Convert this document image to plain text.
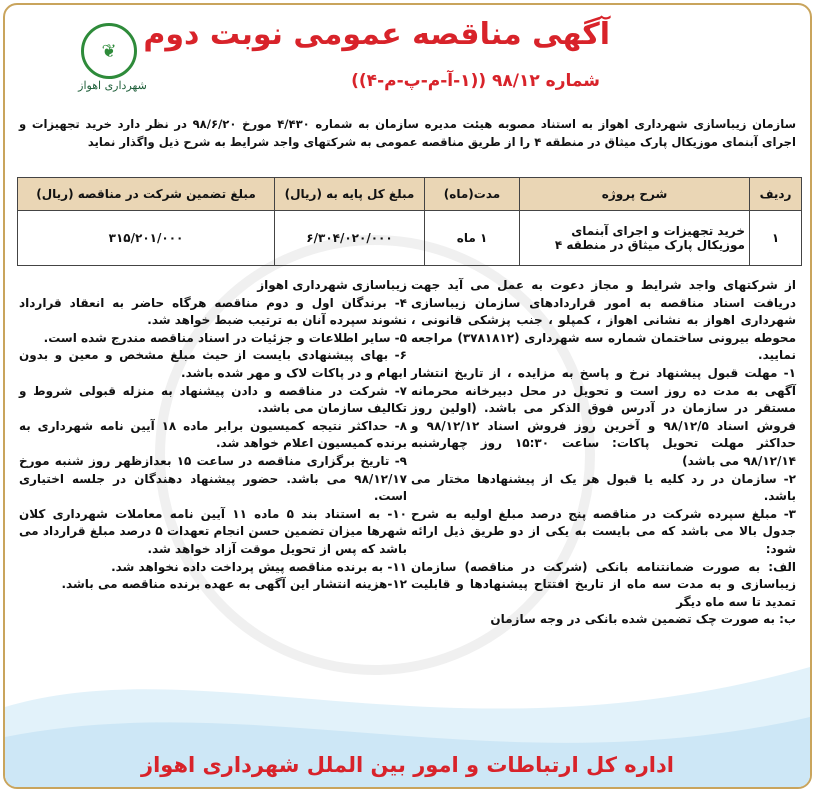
❦
شهرداری اهواز
آگهی مناقصه عمومی نوبت دوم
شماره ۹۸/۱۲ ((۱-آ-م-پ-م-۴))
سازمان زیباسازی شهرداری اهواز به استناد مصوبه هیئت مدیره سازمان به شماره ۴/۴۳۰ مورخ ۹۸/۶/۲۰ در نظر دارد خرید تجهیزات و اجرای آبنمای موزیکال پارک میثاق در منطقه ۴ را از طریق مناقصه عمومی به شرکتهای واجد شرایط به شرح ذیل واگذار نماید
ردیف	شرح پروژه	مدت(ماه)	مبلغ کل پایه به (ریال)	مبلغ تضمین شرکت در مناقصه (ریال)
۱	خرید تجهیزات و اجرای آبنمای موزیکال پارک میثاق در منطقه ۴	۱ ماه	۶/۳۰۴/۰۲۰/۰۰۰	۳۱۵/۲۰۱/۰۰۰

از شرکتهای واجد شرایط و مجاز دعوت به عمل می آید جهت دریافت اسناد مناقصه به امور قراردادهای سازمان زیباسازی شهرداری اهواز به نشانی اهواز ، کمپلو ، جنب پزشکی قانونی ، محوطه بیرونی ساختمان شماره سه شهرداری (۳۷۸۱۸۱۲) مراجعه نمایید.

۱- مهلت قبول پیشنهاد نرخ و پاسخ به مزایده ، از تاریخ انتشار آگهی به مدت ده روز است و تحویل در محل دبیرخانه محرمانه مستقر در سازمان در آدرس فوق الذکر می باشد. (اولین روز فروش اسناد ۹۸/۱۲/۵ و آخرین روز فروش اسناد ۹۸/۱۲/۱۲ و حداکثر مهلت تحویل پاکات: ساعت ۱۵:۳۰ روز چهارشنبه ۹۸/۱۲/۱۴ می باشد)

۲- سازمان در رد کلیه یا قبول هر یک از پیشنهادها مختار می باشد.

۳- مبلغ سپرده شرکت در مناقصه پنج درصد مبلغ اولیه به شرح جدول بالا می باشد که می بایست به یکی از دو طریق ذیل ارائه شود:

الف: به صورت ضمانتنامه بانکی (شرکت در مناقصه) سازمان زیباسازی و به مدت سه ماه از تاریخ افتتاح پیشنهادها و قابلیت تمدید تا سه ماه دیگر

ب: به صورت چک تضمین شده بانکی در وجه سازمان

زیباسازی شهرداری اهواز

۴- برندگان اول و دوم مناقصه هرگاه حاضر به انعقاد قرارداد نشوند سپرده آنان به ترتیب ضبط خواهد شد.

۵- سایر اطلاعات و جزئیات در اسناد مناقصه مندرج شده است.

۶- بهای پیشنهادی بایست از حیث مبلغ مشخص و معین و بدون ابهام و در پاکات لاک و مهر شده باشد.

۷- شرکت در مناقصه و دادن پیشنهاد به منزله قبولی شروط و تکالیف سازمان می باشد.

۸- حداکثر نتیجه کمیسیون برابر ماده ۱۸ آیین نامه شهرداری به برنده کمیسیون اعلام خواهد شد.

۹- تاریخ برگزاری مناقصه در ساعت ۱۵ بعدازظهر روز شنبه مورخ ۹۸/۱۲/۱۷ می باشد. حضور پیشنهاد دهندگان در جلسه اختیاری است.

۱۰- به استناد بند ۵ ماده ۱۱ آیین نامه معاملات شهرداری کلان شهرها میزان تضمین حسن انجام تعهدات ۵ درصد مبلغ قرارداد می باشد که پس از تحویل موقت آزاد خواهد شد.

۱۱- به برنده مناقصه پیش پرداخت داده نخواهد شد.

۱۲-هزینه انتشار این آگهی به عهده برنده مناقصه می باشد.

اداره کل ارتباطات و امور بین الملل شهرداری اهواز
